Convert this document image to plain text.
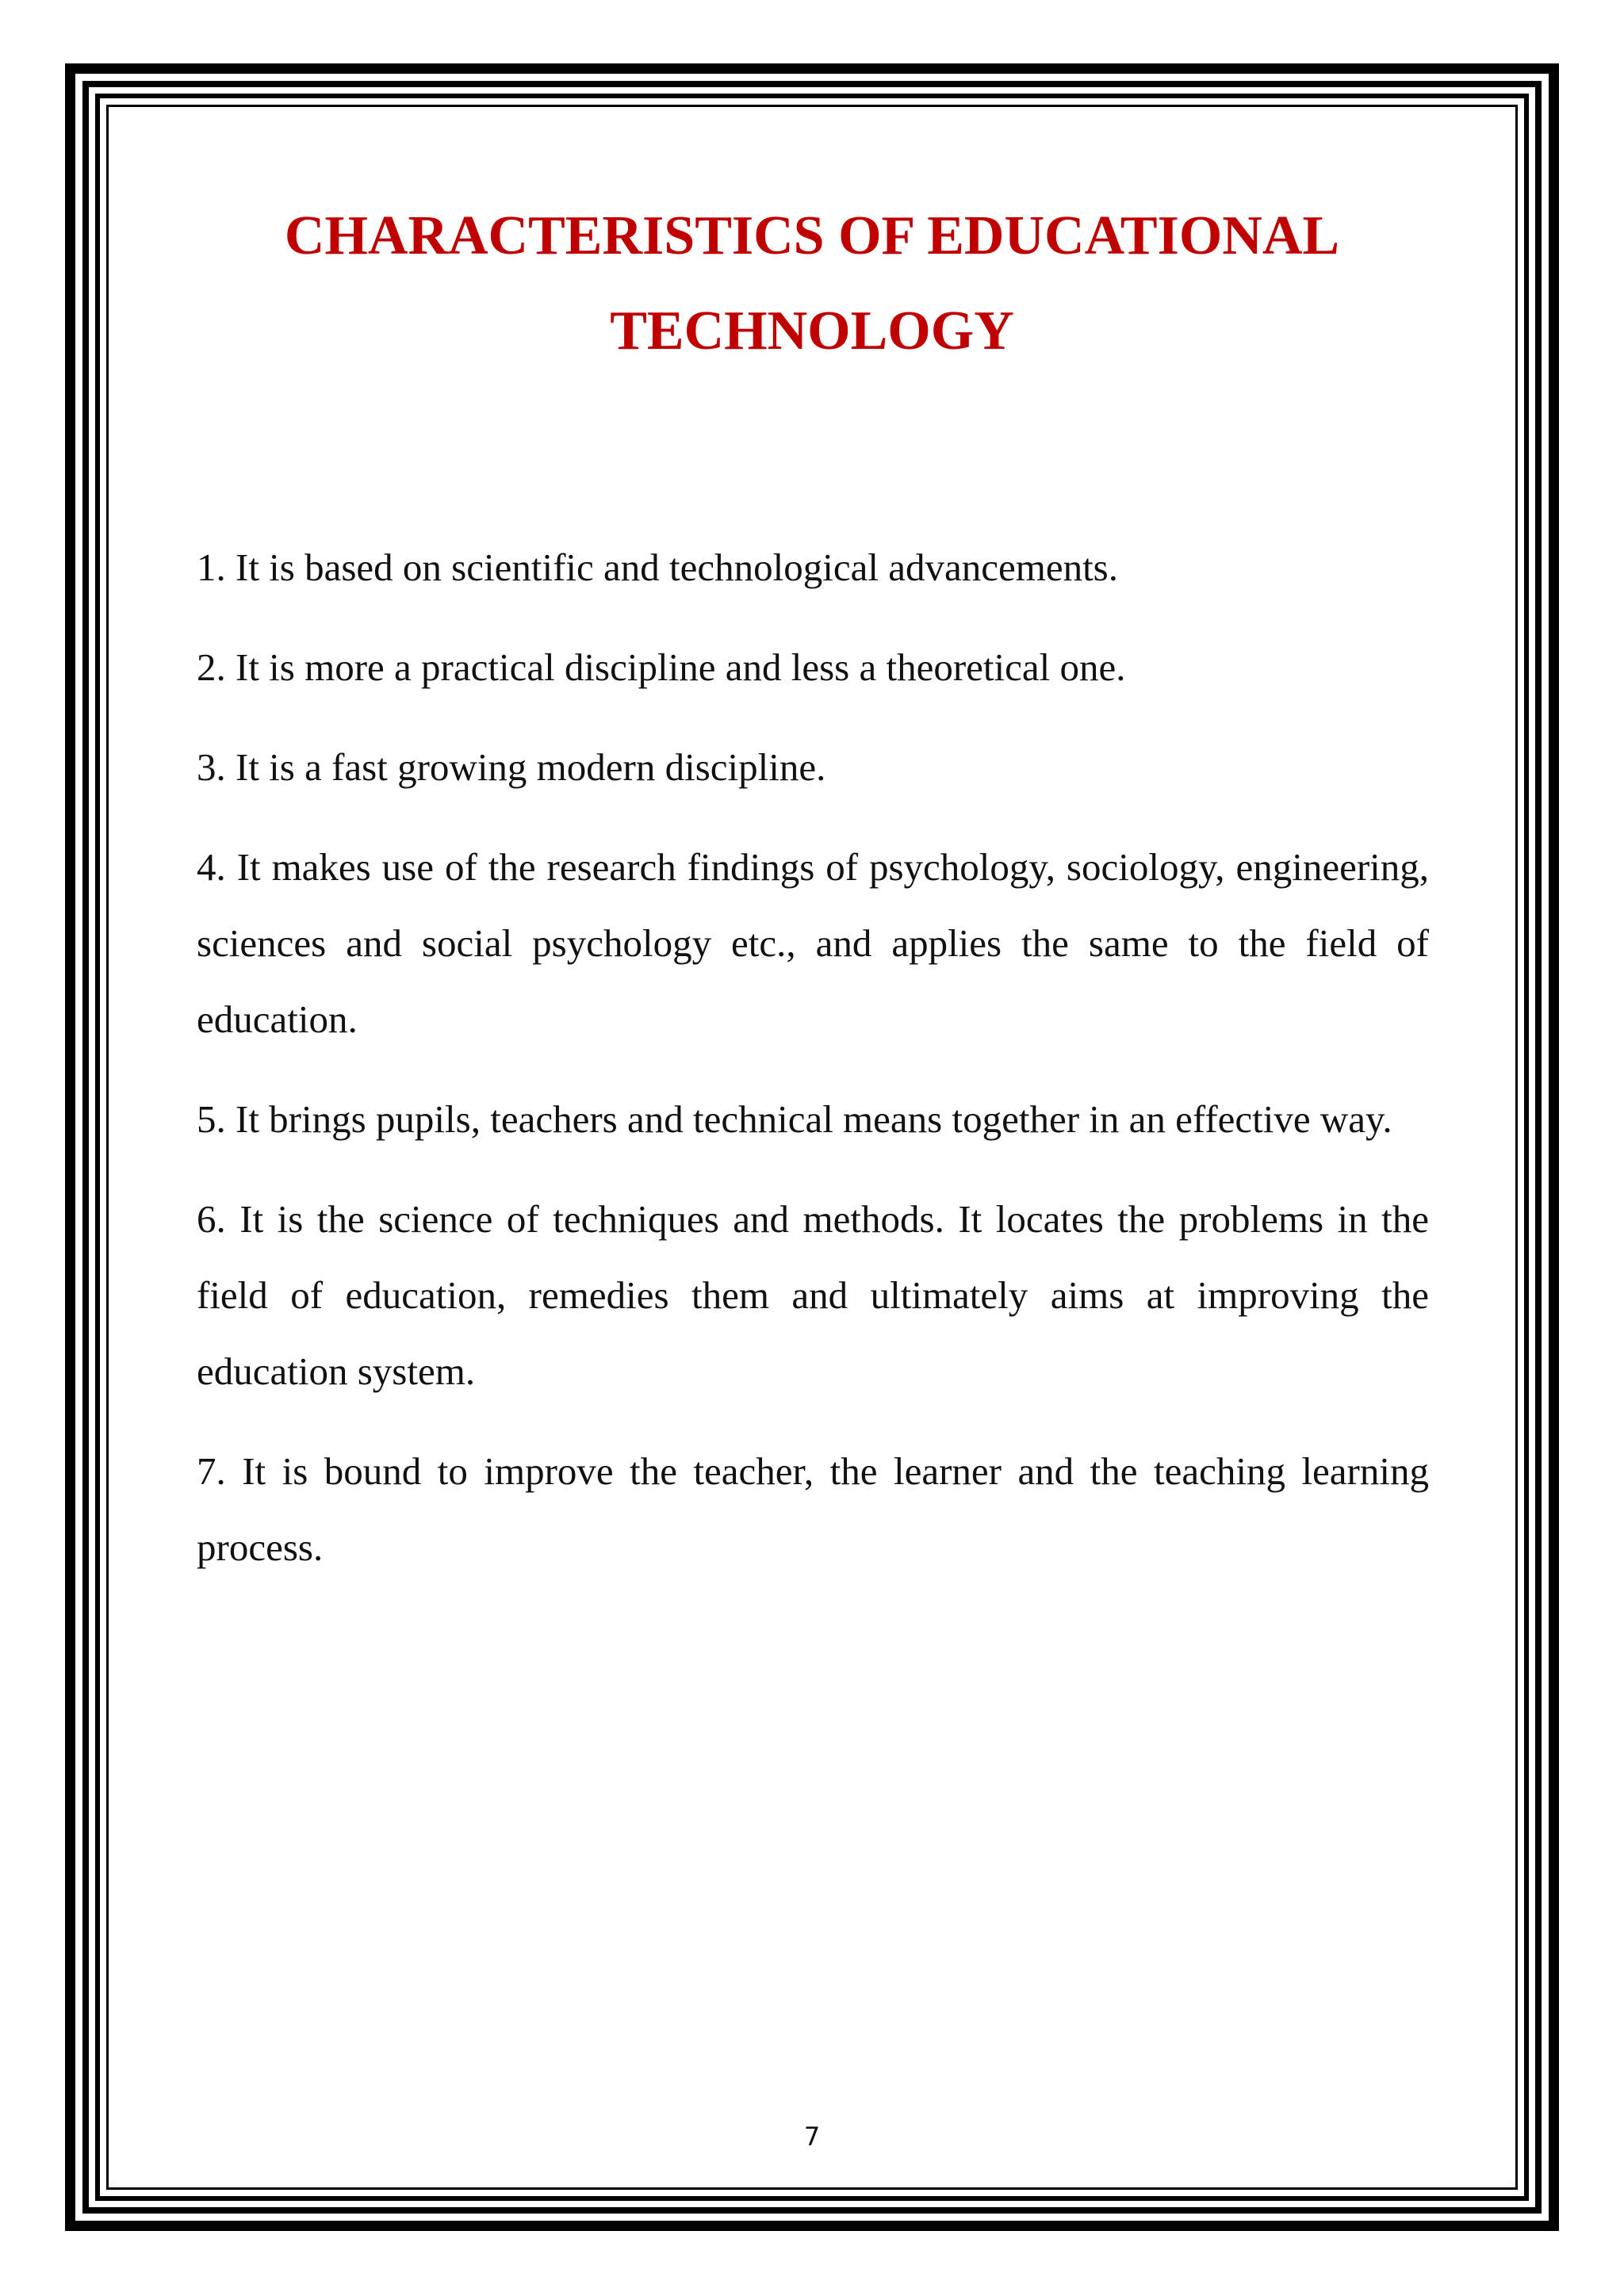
CHARACTERISTICS OF EDUCATIONAL
TECHNOLOGY
1. It is based on scientific and technological advancements.
2. It is more a practical discipline and less a theoretical one.
3. It is a fast growing modern discipline.
4. It makes use of the research findings of psychology, sociology, engineering, sciences and social psychology etc., and applies the same to the field of education.
5. It brings pupils, teachers and technical means together in an effective way.
6. It is the science of techniques and methods. It locates the problems in the field of education, remedies them and ultimately aims at improving the education system.
7. It is bound to improve the teacher, the learner and the teaching learning process.
7
